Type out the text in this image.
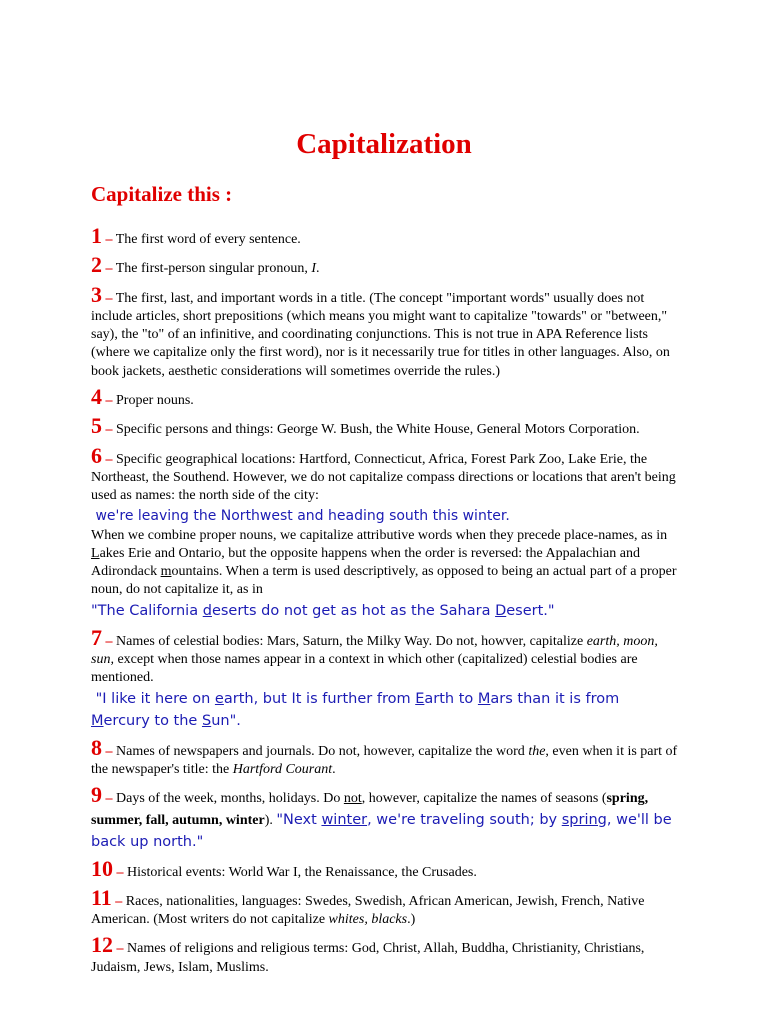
Capitalization
Capitalize this :

1 – The first word of every sentence.

2 – The first-person singular pronoun, I.

3 – The first, last, and important words in a title. (The concept "important words" usually does not include articles, short prepositions (which means you might want to capitalize "towards" or "between," say), the "to" of an infinitive, and coordinating conjunctions. This is not true in APA Reference lists (where we capitalize only the first word), nor is it necessarily true for titles in other languages. Also, on book jackets, aesthetic considerations will sometimes override the rules.)

4 – Proper nouns.

5 – Specific persons and things: George W. Bush, the White House, General Motors Corporation.

6 – Specific geographical locations: Hartford, Connecticut, Africa, Forest Park Zoo, Lake Erie, the Northeast, the Southend. However, we do not capitalize compass directions or locations that aren't being used as names: the north side of the city:
we're leaving the Northwest and heading south this winter.
When we combine proper nouns, we capitalize attributive words when they precede place-names, as in Lakes Erie and Ontario, but the opposite happens when the order is reversed: the Appalachian and Adirondack mountains. When a term is used descriptively, as opposed to being an actual part of a proper noun, do not capitalize it, as in
"The California deserts do not get as hot as the Sahara Desert."

7 – Names of celestial bodies: Mars, Saturn, the Milky Way. Do not, howver, capitalize earth, moon, sun, except when those names appear in a context in which other (capitalized) celestial bodies are mentioned.
"I like it here on earth, but It is further from Earth to Mars than it is from Mercury to the Sun".

8 – Names of newspapers and journals. Do not, however, capitalize the word the, even when it is part of the newspaper's title: the Hartford Courant.

9 – Days of the week, months, holidays. Do not, however, capitalize the names of seasons (spring, summer, fall, autumn, winter). "Next winter, we're traveling south; by spring, we'll be back up north."

10 – Historical events: World War I, the Renaissance, the Crusades.

11 – Races, nationalities, languages: Swedes, Swedish, African American, Jewish, French, Native American. (Most writers do not capitalize whites, blacks.)

12 – Names of religions and religious terms: God, Christ, Allah, Buddha, Christianity, Christians, Judaism, Jews, Islam, Muslims.
